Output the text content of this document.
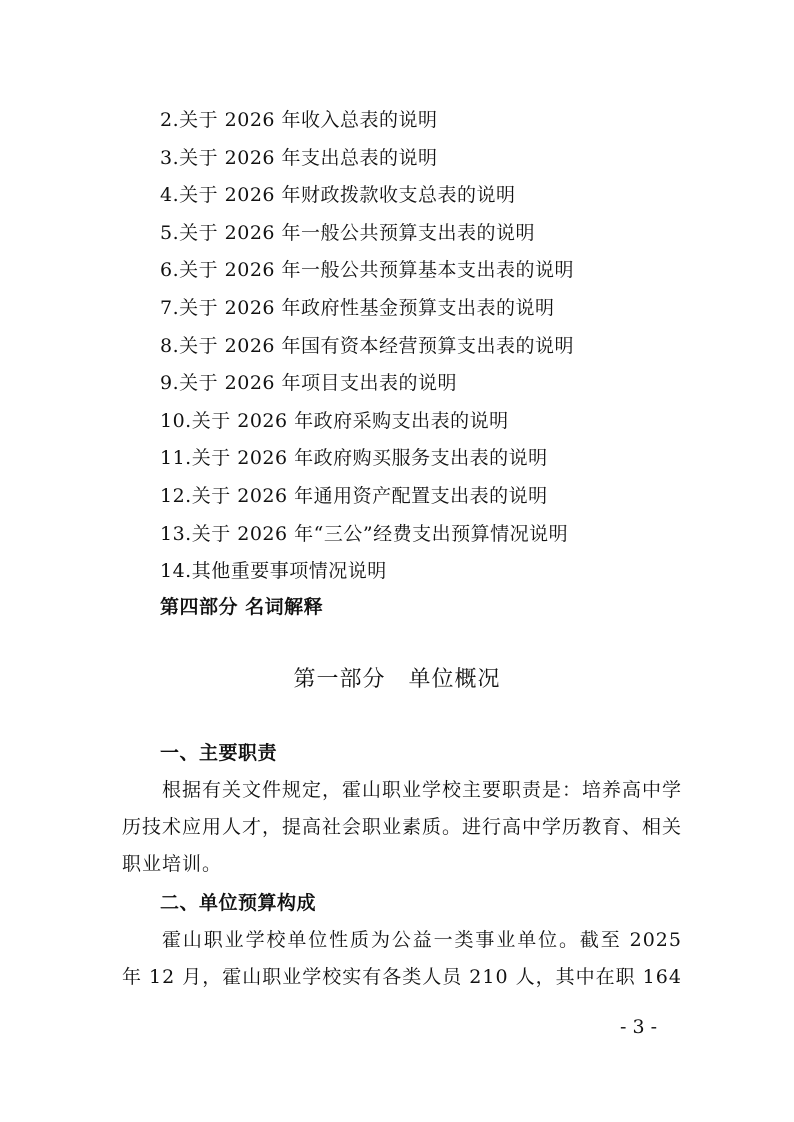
2.关于 2026 年收入总表的说明
3.关于 2026 年支出总表的说明
4.关于 2026 年财政拨款收支总表的说明
5.关于 2026 年一般公共预算支出表的说明
6.关于 2026 年一般公共预算基本支出表的说明
7.关于 2026 年政府性基金预算支出表的说明
8.关于 2026 年国有资本经营预算支出表的说明
9.关于 2026 年项目支出表的说明
10.关于 2026 年政府采购支出表的说明
11.关于 2026 年政府购买服务支出表的说明
12.关于 2026 年通用资产配置支出表的说明
13.关于 2026 年“三公”经费支出预算情况说明
14.其他重要事项情况说明
第四部分 名词解释
第一部分　单位概况
一、主要职责

根据有关文件规定，霍山职业学校主要职责是：培养高中学历技术应用人才，提高社会职业素质。进行高中学历教育、相关职业培训。

二、单位预算构成

霍山职业学校单位性质为公益一类事业单位。截至 2025 年 12 月，霍山职业学校实有各类人员 210 人，其中在职 164

- 3 -
